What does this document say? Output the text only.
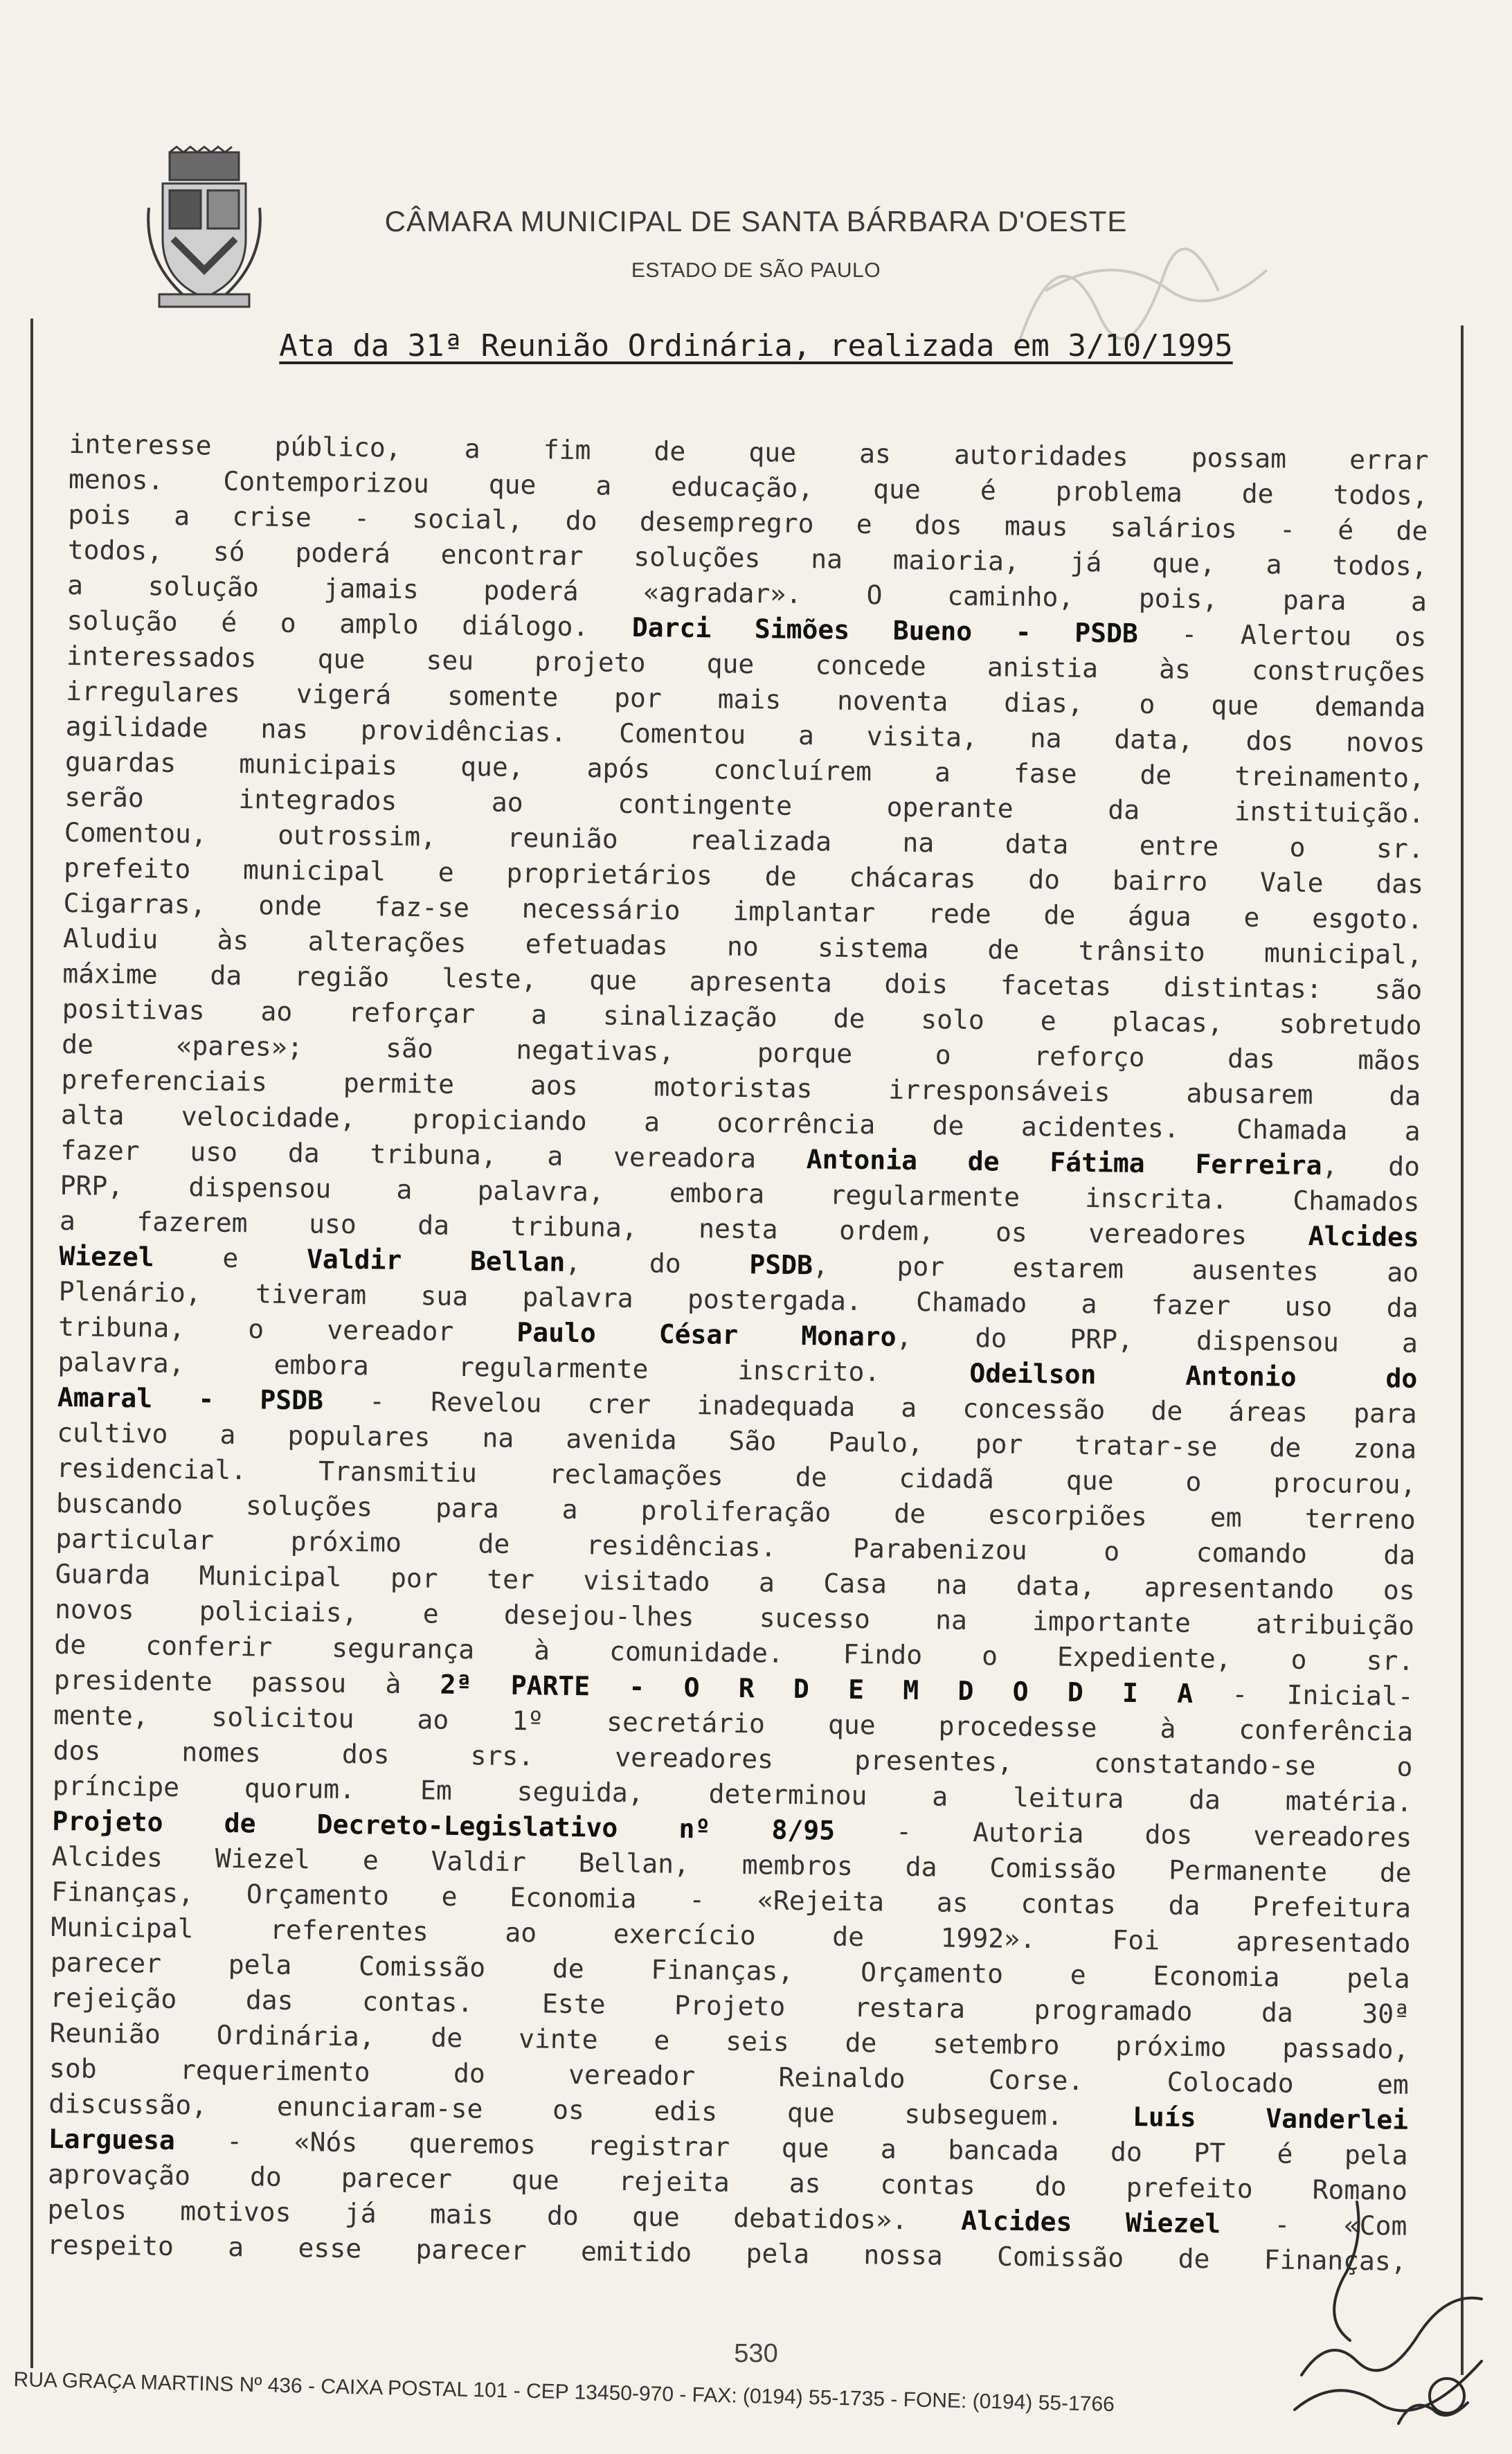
CÂMARA MUNICIPAL DE SANTA BÁRBARA D'OESTE
ESTADO DE SÃO PAULO
Ata da 31ª Reunião Ordinária, realizada em 3/10/1995
interesse público, a fim de que as autoridades possam errar
menos. Contemporizou que a educação, que é problema de todos,
pois a crise - social, do desempregro e dos maus salários - é de
todos, só poderá encontrar soluções na maioria, já que, a todos,
a solução jamais poderá «agradar». O caminho, pois, para a
solução é o amplo diálogo. Darci Simões Bueno - PSDB - Alertou os
interessados que seu projeto que concede anistia às construções
irregulares vigerá somente por mais noventa dias, o que demanda
agilidade nas providências. Comentou a visita, na data, dos novos
guardas municipais que, após concluírem a fase de treinamento,
serão	integrados	ao	contingente	operante	da	instituição.
Comentou,	outrossim,	reunião	realizada	na	data	entre	o	sr.
prefeito municipal e proprietários de chácaras do bairro Vale das
Cigarras, onde faz-se necessário implantar rede de água e esgoto.
Aludiu às alterações efetuadas no sistema de trânsito municipal,
máxime da região leste, que apresenta dois facetas distintas: são
positivas ao reforçar a sinalização de solo e placas, sobretudo
de	«pares»;	são	negativas,	porque	o	reforço	das	mãos
preferenciais	permite	aos	motoristas	irresponsáveis	abusarem	da
alta velocidade, propiciando a ocorrência de acidentes. Chamada a
fazer uso da tribuna, a vereadora Antonia de Fátima Ferreira, do
PRP, dispensou a palavra, embora regularmente inscrita. Chamados
a fazerem uso da tribuna, nesta ordem, os vereadores Alcides
Wiezel	e	Valdir	Bellan,	do	PSDB,	por	estarem	ausentes	ao
Plenário, tiveram sua palavra postergada. Chamado a fazer uso da
tribuna, o vereador Paulo César Monaro, do PRP, dispensou a
palavra,	embora	regularmente	inscrito.	Odeilson	Antonio	do
Amaral - PSDB - Revelou crer inadequada a concessão de áreas para
cultivo a populares na avenida São Paulo, por tratar-se de zona
residencial.	Transmitiu	reclamações	de	cidadã	que	o	procurou,
buscando soluções para a proliferação de escorpiões em terreno
particular	próximo	de	residências.	Parabenizou	o	comando	da
Guarda Municipal por ter visitado a Casa na data, apresentando os
novos policiais, e desejou-lhes sucesso na importante atribuição
de conferir segurança à comunidade. Findo o Expediente, o sr.
presidente passou à 2ª PARTE - O R D E M D O D I A - Inicial-
mente, solicitou ao 1º secretário que procedesse à conferência
dos	nomes	dos	srs.	vereadores	presentes,	constatando-se	o
príncipe quorum. Em seguida, determinou a leitura da matéria.
Projeto de Decreto-Legislativo nº 8/95 - Autoria dos vereadores
Alcides Wiezel e Valdir Bellan, membros da Comissão Permanente de
Finanças, Orçamento e Economia - «Rejeita as contas da Prefeitura
Municipal	referentes	ao	exercício	de	1992».	Foi	apresentado
parecer	pela	Comissão	de	Finanças,	Orçamento	e	Economia	pela
rejeição	das	contas.	Este	Projeto	restara	programado	da	30ª
Reunião Ordinária, de vinte e seis de setembro próximo passado,
sob	requerimento	do	vereador	Reinaldo	Corse.	Colocado	em
discussão,	enunciaram-se	os	edis	que	subseguem.	Luís	Vanderlei
Larguesa - «Nós queremos registrar que a bancada do PT é pela
aprovação do parecer que rejeita as contas do prefeito Romano
pelos motivos já mais do que debatidos». Alcides Wiezel - «Com
respeito a esse parecer emitido pela nossa Comissão de Finanças,
530
RUA GRAÇA MARTINS Nº 436 - CAIXA POSTAL 101 - CEP 13450-970 - FAX: (0194) 55-1735 - FONE: (0194) 55-1766
